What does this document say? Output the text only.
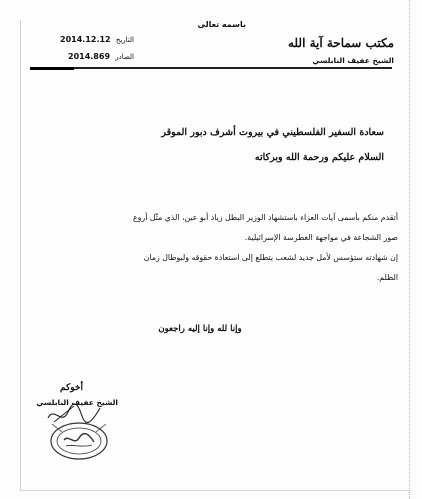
باسمه تعالى
مكتب سماحة آية الله
الشيخ عفيف النابلسي
2014.12.12 التاريخ
2014.869 الصادر
سعادة السفير الفلسطيني في بيروت أشرف دبور الموقر
السلام عليكم ورحمة الله وبركاته
أتقدم منكم بأسمى آيات العزاء باستشهاد الوزير البطل زياد أبو عين، الذي مثّل أروع
صور الشجاعة في مواجهة الغطرسة الإسرائيلية.
إن شهادته ستؤسس لأمل جديد لشعب يتطلع إلى استعادة حقوقه ولبوطال زمان
الظلم.
وإنا لله وإنا إليه راجعون
أخوكم
الشيخ عفيف النابلسي
